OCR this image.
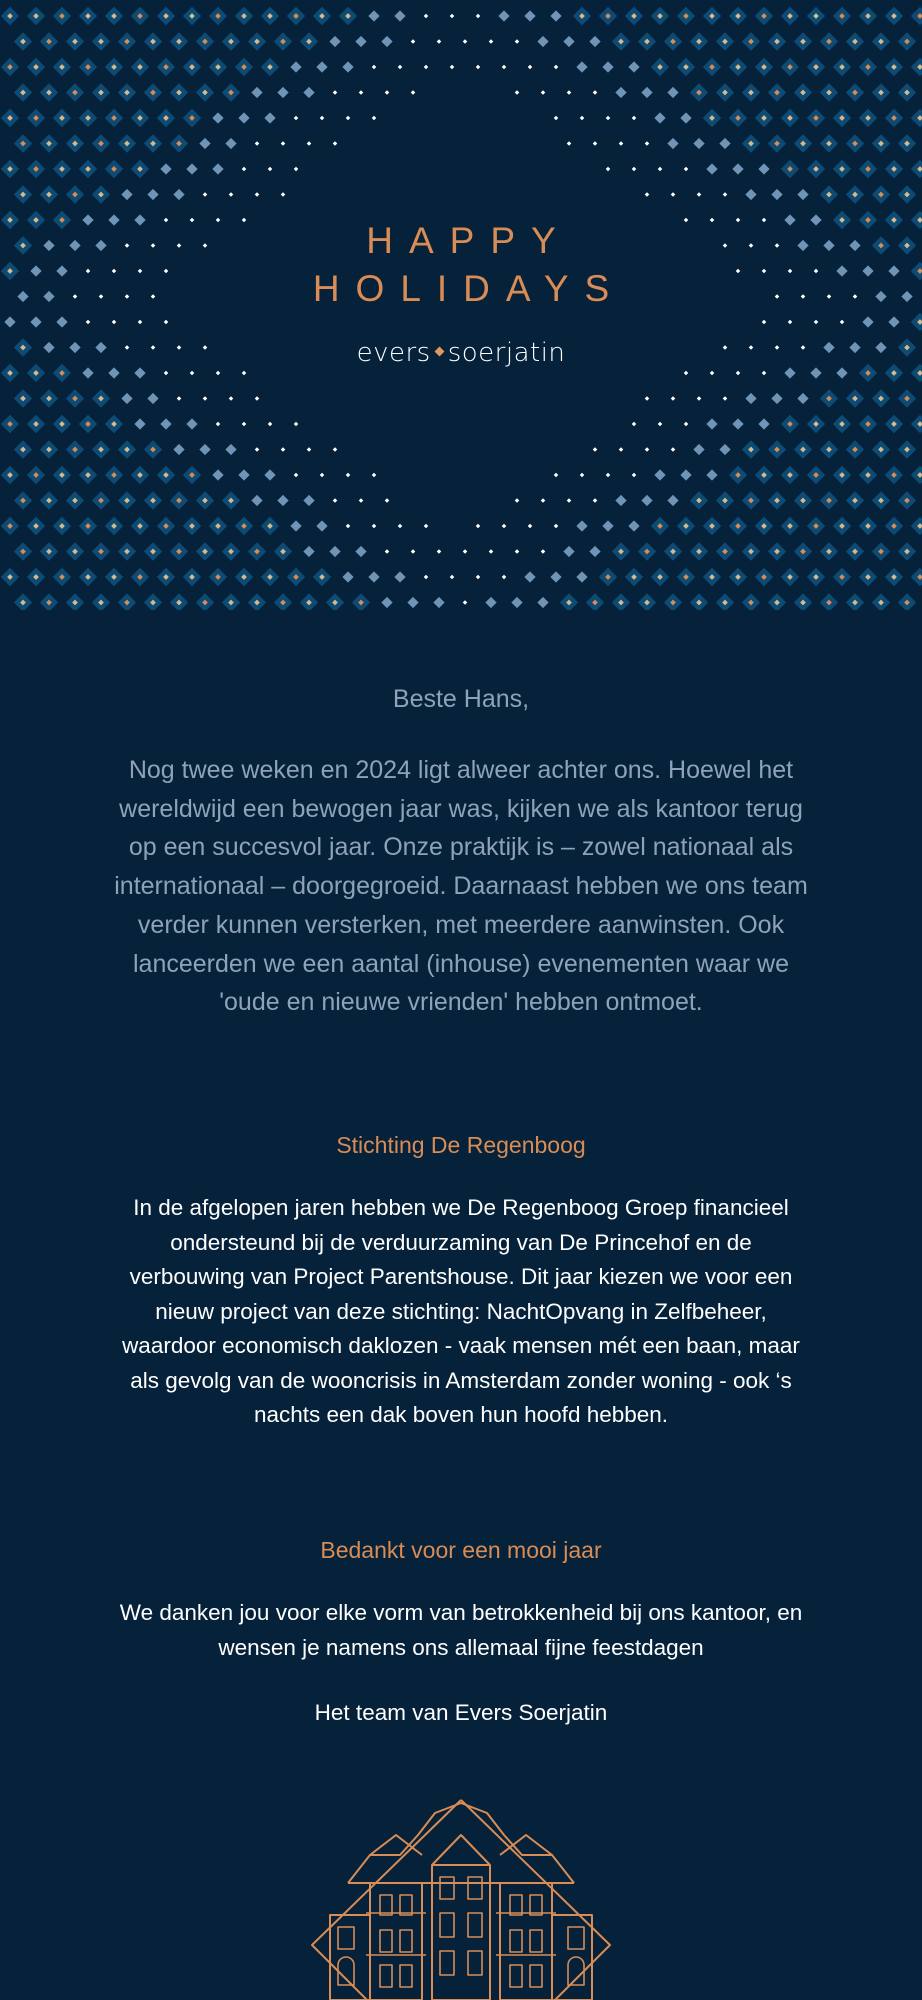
HAPPY
HOLIDAYS
evers soerjatin
Beste Hans,
Nog twee weken en 2024 ligt alweer achter ons. Hoewel het wereldwijd een bewogen jaar was, kijken we als kantoor terug op een succesvol jaar. Onze praktijk is – zowel nationaal als internationaal – doorgegroeid. Daarnaast hebben we ons team verder kunnen versterken, met meerdere aanwinsten. Ook lanceerden we een aantal (inhouse) evenementen waar we 'oude en nieuwe vrienden' hebben ontmoet.
Stichting De Regenboog
In de afgelopen jaren hebben we De Regenboog Groep financieel ondersteund bij de verduurzaming van De Princehof en de verbouwing van Project Parentshouse. Dit jaar kiezen we voor een nieuw project van deze stichting: NachtOpvang in Zelfbeheer, waardoor economisch daklozen - vaak mensen mét een baan, maar als gevolg van de wooncrisis in Amsterdam zonder woning - ook ‘s nachts een dak boven hun hoofd hebben.
Bedankt voor een mooi jaar
We danken jou voor elke vorm van betrokkenheid bij ons kantoor, en wensen je namens ons allemaal fijne feestdagen
Het team van Evers Soerjatin
